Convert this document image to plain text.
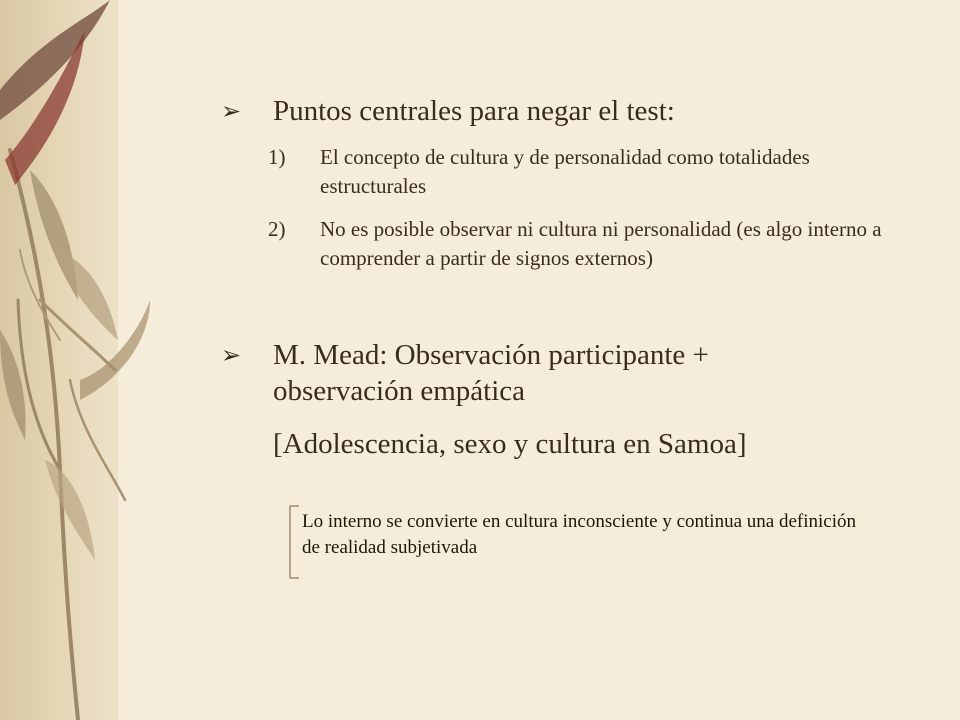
➢	Puntos centrales para negar el test:
1)	El concepto de cultura y de personalidad como totalidades estructurales
2)	No es posible observar ni cultura ni personalidad (es algo interno a comprender a partir de signos externos)
➢	M. Mead: Observación participante + observación empática
[Adolescencia, sexo y cultura en Samoa]
Lo interno se convierte en cultura inconsciente y continua una definición de realidad subjetivada
